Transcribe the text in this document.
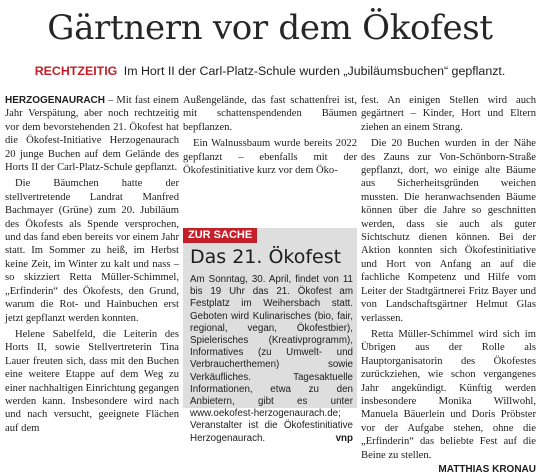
Gärtnern vor dem Ökofest
RECHTZEITIG Im Hort II der Carl-Platz-Schule wurden „Jubiläumsbuchen“ gepflanzt.

HERZOGENAURACH – Mit fast einem Jahr Verspätung, aber noch rechtzeitig vor dem bevorstehenden 21. Ökofest hat die Ökofest-Initiative Herzogenaurach 20 junge Buchen auf dem Gelände des Horts II der Carl-Platz-Schule gepflanzt.

Die Bäumchen hatte der stellvertretende Landrat Manfred Bachmayer (Grüne) zum 20. Jubiläum des Ökofests als Spende versprochen, und das fand eben bereits vor einem Jahr statt. Im Sommer zu heiß, im Herbst keine Zeit, im Winter zu kalt und nass – so skizziert Retta Müller-Schimmel, „Erfinderin“ des Ökofests, den Grund, warum die Rot- und Hainbuchen erst jetzt gepflanzt werden konnten.

Helene Sabelfeld, die Leiterin des Horts II, sowie Stellvertreterin Tina Lauer freuten sich, dass mit den Buchen eine weitere Etappe auf dem Weg zu einer nachhaltigen Einrichtung gegangen werden kann. Insbesondere wird nach und nach versucht, geeignete Flächen auf dem

Außengelände, das fast schattenfrei ist, mit schattenspendenden Bäumen bepflanzen.

Ein Walnussbaum wurde bereits 2022 gepflanzt – ebenfalls mit der Ökofestinitiative kurz vor dem Öko-

ZUR SACHE
Das 21. Ökofest
Am Sonntag, 30. April, findet von 11 bis 19 Uhr das 21. Ökofest am Festplatz im Weihersbach statt. Geboten wird Kulinarisches (bio, fair, regional, vegan, Ökofestbier), Spielerisches (Kreativprogramm), Informatives (zu Umwelt- und Verbraucherthemen) sowie Verkäufliches. Tagesaktuelle Informationen, etwa zu den Anbietern, gibt es unter www.oekofest-herzogenaurach.de; Veranstalter ist die Ökofestinitiative Herzogenaurach.	vnp

fest. An einigen Stellen wird auch gegärtnert – Kinder, Hort und Eltern ziehen an einem Strang.

Die 20 Buchen wurden in der Nähe des Zauns zur Von-Schönborn-Straße gepflanzt, dort, wo einige alte Bäume aus Sicherheitsgründen weichen mussten. Die heranwachsenden Bäume können über die Jahre so geschnitten werden, dass sie auch als guter Sichtschutz dienen können. Bei der Aktion konnten sich Ökofestinitiative und Hort von Anfang an auf die fachliche Kompetenz und Hilfe vom Leiter der Stadtgärtnerei Fritz Bayer und von Landschaftsgärtner Helmut Glas verlassen.

Retta Müller-Schimmel wird sich im Übrigen aus der Rolle als Hauptorganisatorin des Ökofestes zurückziehen, wie schon vergangenes Jahr angekündigt. Künftig werden insbesondere Monika Willwohl, Manuela Bäuerlein und Doris Pröbster vor der Aufgabe stehen, ohne die „Erfinderin“ das beliebte Fest auf die Beine zu stellen.

MATTHIAS KRONAU
